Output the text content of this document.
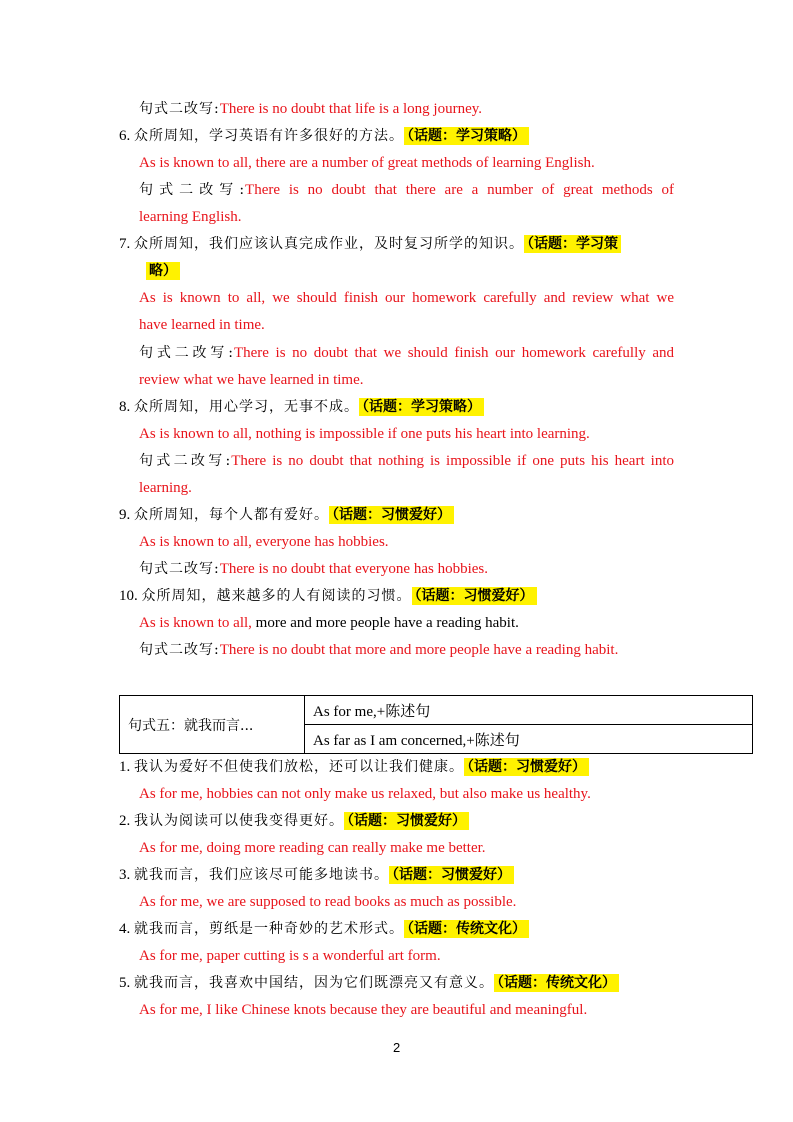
句式二改写:There is no doubt that life is a long journey.
6. 众所周知，学习英语有许多很好的方法。 （话题：学习策略）
As is known to all, there are a number of great methods of learning English.
句式二改写:There is no doubt that there are a number of great methods of
learning English.
7. 众所周知，我们应该认真完成作业，及时复习所学的知识。 （话题：学习策
略）
As is known to all, we should finish our homework carefully and review what we
have learned in time.
句式二改写:There is no doubt that we should finish our homework carefully and
review what we have learned in time.
8. 众所周知，用心学习，无事不成。 （话题：学习策略）
As is known to all, nothing is impossible if one puts his heart into learning.
句式二改写:There is no doubt that nothing is impossible if one puts his heart into
learning.
9. 众所周知，每个人都有爱好。 （话题：习惯爱好）
As is known to all, everyone has hobbies.
句式二改写:There is no doubt that everyone has hobbies.
10. 众所周知，越来越多的人有阅读的习惯。 （话题：习惯爱好）
As is known to all, more and more people have a reading habit.
句式二改写:There is no doubt that more and more people have a reading habit.
句式五：就我而言...	As for me,+陈述句
As far as I am concerned,+陈述句
1. 我认为爱好不但使我们放松，还可以让我们健康。 （话题：习惯爱好）
As for me, hobbies can not only make us relaxed, but also make us healthy.
2. 我认为阅读可以使我变得更好。 （话题：习惯爱好）
As for me, doing more reading can really make me better.
3. 就我而言，我们应该尽可能多地读书。 （话题：习惯爱好）
As for me, we are supposed to read books as much as possible.
4. 就我而言，剪纸是一种奇妙的艺术形式。 （话题：传统文化）
As for me, paper cutting is s a wonderful art form.
5. 就我而言，我喜欢中国结，因为它们既漂亮又有意义。 （话题：传统文化）
As for me, I like Chinese knots because they are beautiful and meaningful.
2
